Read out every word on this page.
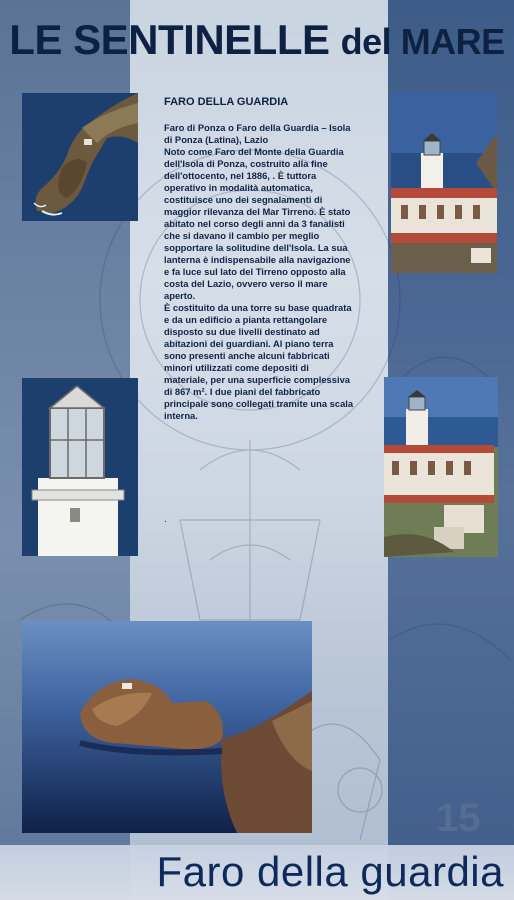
LE SENTINELLE del MARE
FARO DELLA GUARDIA
Faro di Ponza o Faro della Guardia – Isola di Ponza (Latina), Lazio
Noto come Faro del Monte della Guardia dell'Isola di Ponza, costruito alla fine dell'ottocento, nel 1886, . È tuttora operativo in modalità automatica, costituisce uno dei segnalamenti di maggior rilevanza del Mar Tirreno. È stato abitato nel corso degli anni da 3 fanalisti che si davano il cambio per meglio sopportare la solitudine dell'Isola. La sua lanterna è indispensabile alla navigazione e fa luce sul lato del Tirreno opposto alla costa del Lazio, ovvero verso il mare aperto.
È costituito da una torre su base quadrata e da un edificio a pianta rettangolare disposto su due livelli destinato ad abitazioni dei guardiani. Al piano terra sono presenti anche alcuni fabbricati minori utilizzati come depositi di materiale, per una superficie complessiva di 867 m². I due piani del fabbricato principale sono collegati tramite una scala interna.
.
15
Faro della guardia
